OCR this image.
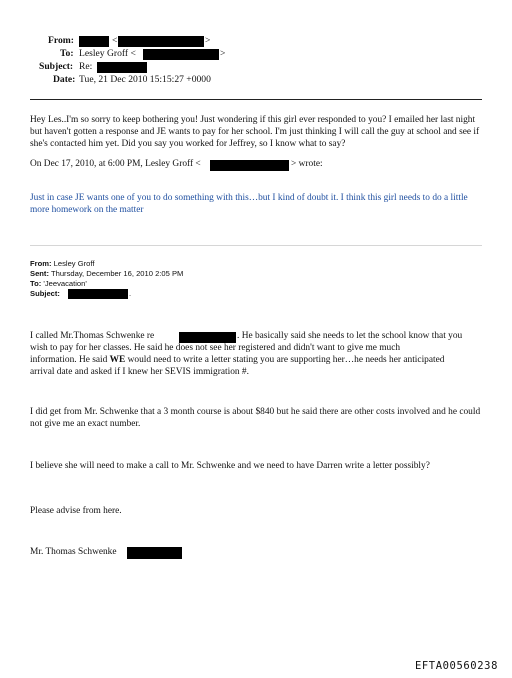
From:	<	>
To: Lesley Groff <	>
Subject: Re:
Date: Tue, 21 Dec 2010 15:15:27 +0000
Hey Les..I'm so sorry to keep bothering you! Just wondering if this girl ever responded to you? I emailed her last night but haven't gotten a response and JE wants to pay for her school. I'm just thinking I will call the guy at school and see if she's contacted him yet. Did you say you worked for Jeffrey, so I know what to say?
On Dec 17, 2010, at 6:00 PM, Lesley Groff <	> wrote:
Just in case JE wants one of you to do something with this…but I kind of doubt it. I think this girl needs to do a little more homework on the matter
From: Lesley Groff
Sent: Thursday, December 16, 2010 2:05 PM
To: 'Jeevacation'
Subject:	.
I called Mr.Thomas Schwenke re	. He basically said she needs to let the school know that you
wish to pay for her classes. He said he does not see her registered and didn't want to give me much
information. He said WE would need to write a letter stating you are supporting her…he needs her anticipated
arrival date and asked if I knew her SEVIS immigration #.
I did get from Mr. Schwenke that a 3 month course is about $840 but he said there are other costs involved and he could not give me an exact number.
I believe she will need to make a call to Mr. Schwenke and we need to have Darren write a letter possibly?
Please advise from here.
Mr. Thomas Schwenke
EFTA00560238
